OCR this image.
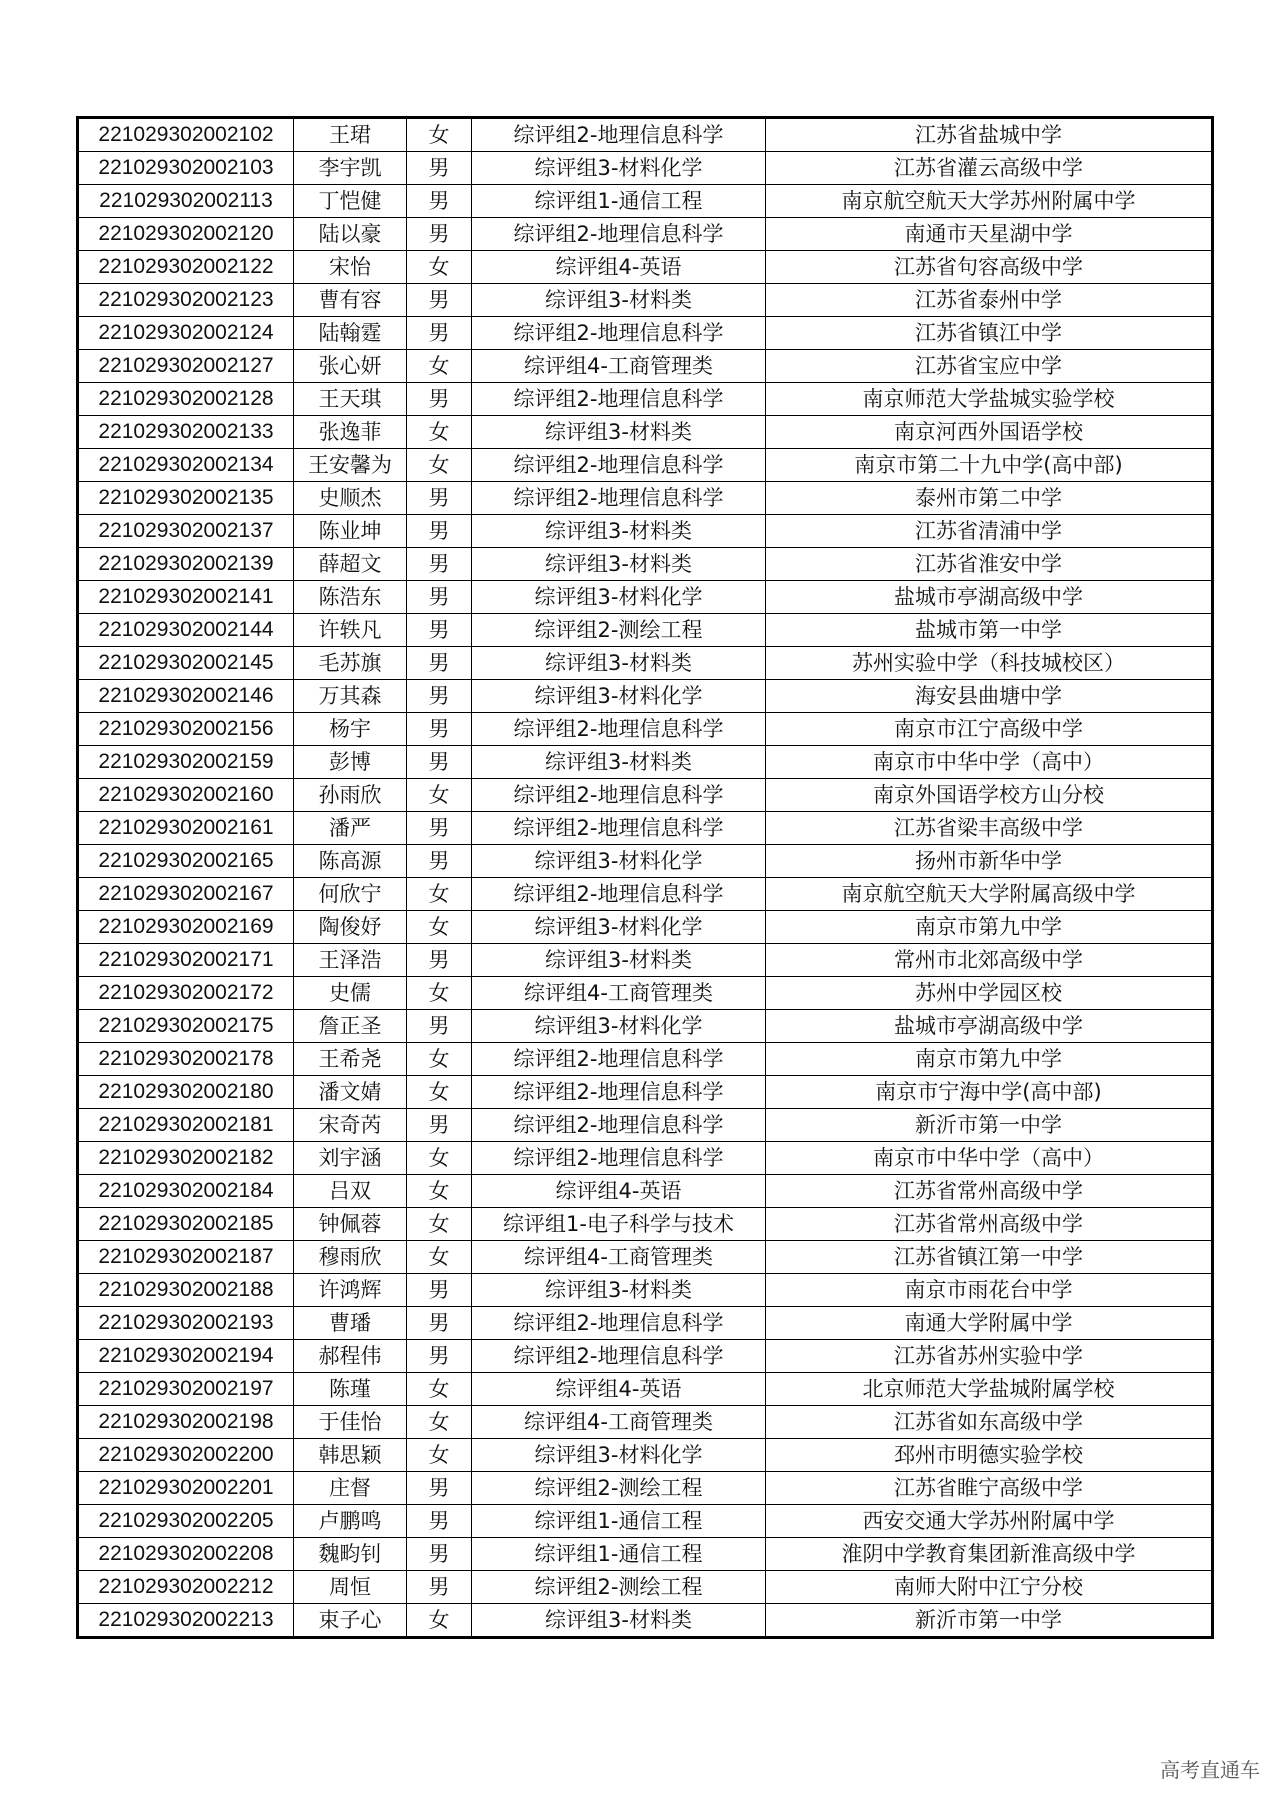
221029302002102	王珺	女	综评组2-地理信息科学	江苏省盐城中学
221029302002103	李宇凯	男	综评组3-材料化学	江苏省灌云高级中学
221029302002113	丁恺健	男	综评组1-通信工程	南京航空航天大学苏州附属中学
221029302002120	陆以豪	男	综评组2-地理信息科学	南通市天星湖中学
221029302002122	宋怡	女	综评组4-英语	江苏省句容高级中学
221029302002123	曹有容	男	综评组3-材料类	江苏省泰州中学
221029302002124	陆翰霆	男	综评组2-地理信息科学	江苏省镇江中学
221029302002127	张心妍	女	综评组4-工商管理类	江苏省宝应中学
221029302002128	王天琪	男	综评组2-地理信息科学	南京师范大学盐城实验学校
221029302002133	张逸菲	女	综评组3-材料类	南京河西外国语学校
221029302002134	王安馨为	女	综评组2-地理信息科学	南京市第二十九中学(高中部)
221029302002135	史顺杰	男	综评组2-地理信息科学	泰州市第二中学
221029302002137	陈业坤	男	综评组3-材料类	江苏省清浦中学
221029302002139	薛超文	男	综评组3-材料类	江苏省淮安中学
221029302002141	陈浩东	男	综评组3-材料化学	盐城市亭湖高级中学
221029302002144	许轶凡	男	综评组2-测绘工程	盐城市第一中学
221029302002145	毛苏旗	男	综评组3-材料类	苏州实验中学（科技城校区）
221029302002146	万其森	男	综评组3-材料化学	海安县曲塘中学
221029302002156	杨宇	男	综评组2-地理信息科学	南京市江宁高级中学
221029302002159	彭博	男	综评组3-材料类	南京市中华中学（高中）
221029302002160	孙雨欣	女	综评组2-地理信息科学	南京外国语学校方山分校
221029302002161	潘严	男	综评组2-地理信息科学	江苏省梁丰高级中学
221029302002165	陈高源	男	综评组3-材料化学	扬州市新华中学
221029302002167	何欣宁	女	综评组2-地理信息科学	南京航空航天大学附属高级中学
221029302002169	陶俊妤	女	综评组3-材料化学	南京市第九中学
221029302002171	王泽浩	男	综评组3-材料类	常州市北郊高级中学
221029302002172	史儒	女	综评组4-工商管理类	苏州中学园区校
221029302002175	詹正圣	男	综评组3-材料化学	盐城市亭湖高级中学
221029302002178	王希尧	女	综评组2-地理信息科学	南京市第九中学
221029302002180	潘文婧	女	综评组2-地理信息科学	南京市宁海中学(高中部)
221029302002181	宋奇芮	男	综评组2-地理信息科学	新沂市第一中学
221029302002182	刘宇涵	女	综评组2-地理信息科学	南京市中华中学（高中）
221029302002184	吕双	女	综评组4-英语	江苏省常州高级中学
221029302002185	钟佩蓉	女	综评组1-电子科学与技术	江苏省常州高级中学
221029302002187	穆雨欣	女	综评组4-工商管理类	江苏省镇江第一中学
221029302002188	许鸿辉	男	综评组3-材料类	南京市雨花台中学
221029302002193	曹璠	男	综评组2-地理信息科学	南通大学附属中学
221029302002194	郝程伟	男	综评组2-地理信息科学	江苏省苏州实验中学
221029302002197	陈瑾	女	综评组4-英语	北京师范大学盐城附属学校
221029302002198	于佳怡	女	综评组4-工商管理类	江苏省如东高级中学
221029302002200	韩思颖	女	综评组3-材料化学	邳州市明德实验学校
221029302002201	庄督	男	综评组2-测绘工程	江苏省睢宁高级中学
221029302002205	卢鹏鸣	男	综评组1-通信工程	西安交通大学苏州附属中学
221029302002208	魏畇钊	男	综评组1-通信工程	淮阴中学教育集团新淮高级中学
221029302002212	周恒	男	综评组2-测绘工程	南师大附中江宁分校
221029302002213	束子心	女	综评组3-材料类	新沂市第一中学
高考直通车
